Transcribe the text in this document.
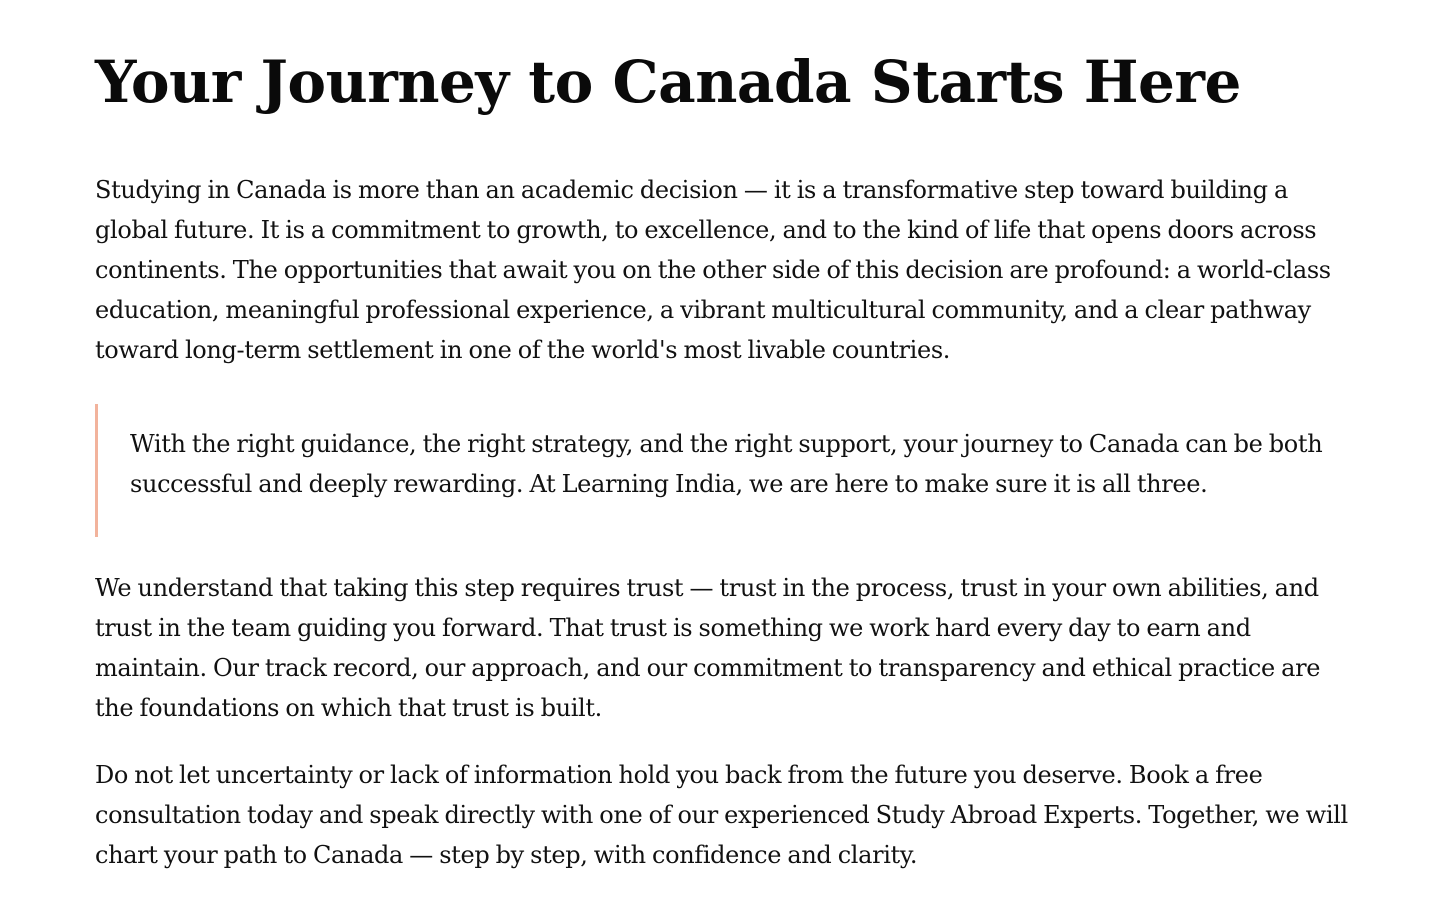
Your Journey to Canada Starts Here

Studying in Canada is more than an academic decision — it is a transformative step toward building a global future. It is a commitment to growth, to excellence, and to the kind of life that opens doors across continents. The opportunities that await you on the other side of this decision are profound: a world-class education, meaningful professional experience, a vibrant multicultural community, and a clear pathway toward long-term settlement in one of the world's most livable countries.

With the right guidance, the right strategy, and the right support, your journey to Canada can be both successful and deeply rewarding. At Learning India, we are here to make sure it is all three.

We understand that taking this step requires trust — trust in the process, trust in your own abilities, and trust in the team guiding you forward. That trust is something we work hard every day to earn and maintain. Our track record, our approach, and our commitment to transparency and ethical practice are the foundations on which that trust is built.

Do not let uncertainty or lack of information hold you back from the future you deserve. Book a free consultation today and speak directly with one of our experienced Study Abroad Experts. Together, we will chart your path to Canada — step by step, with confidence and clarity.
